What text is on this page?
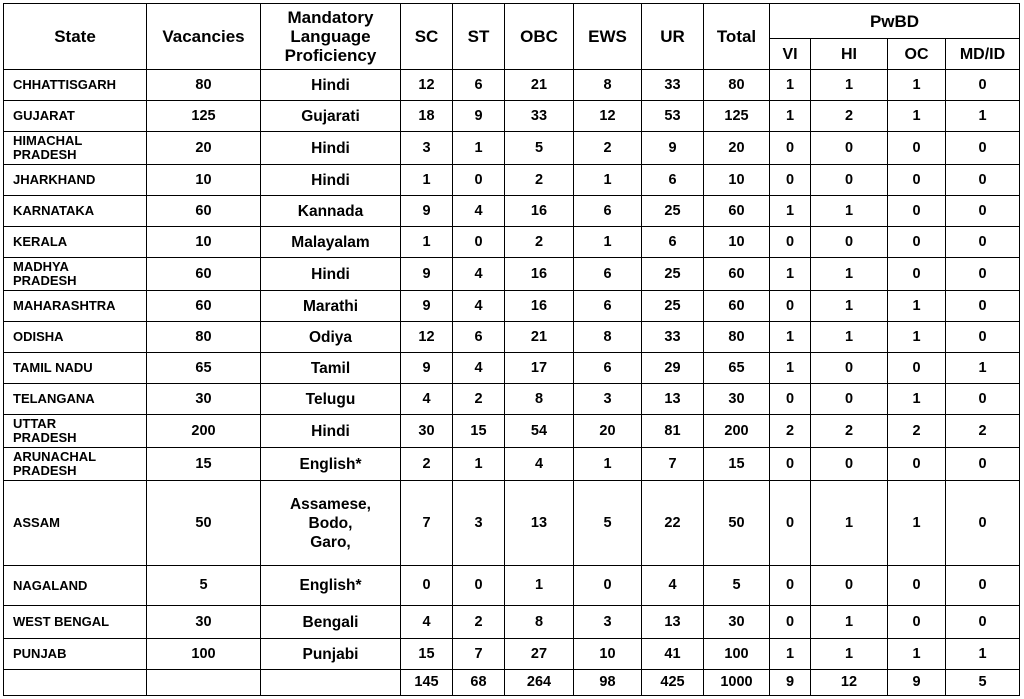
State	Vacancies	Mandatory
Language
Proficiency	SC	ST	OBC	EWS	UR	Total	PwBD			
									VI	HI	OC	MD/ID

CHHATTISGARH	80	Hindi	12	6	21	8	33	80	1	1	1	0

GUJARAT	125	Gujarati	18	9	33	12	53	125	1	2	1	1

HIMACHAL
PRADESH	20	Hindi	3	1	5	2	9	20	0	0	0	0

JHARKHAND	10	Hindi	1	0	2	1	6	10	0	0	0	0

KARNATAKA	60	Kannada	9	4	16	6	25	60	1	1	0	0

KERALA	10	Malayalam	1	0	2	1	6	10	0	0	0	0

MADHYA
PRADESH	60	Hindi	9	4	16	6	25	60	1	1	0	0

MAHARASHTRA	60	Marathi	9	4	16	6	25	60	0	1	1	0

ODISHA	80	Odiya	12	6	21	8	33	80	1	1	1	0

TAMIL NADU	65	Tamil	9	4	17	6	29	65	1	0	0	1

TELANGANA	30	Telugu	4	2	8	3	13	30	0	0	1	0

UTTAR
PRADESH	200	Hindi	30	15	54	20	81	200	2	2	2	2

ARUNACHAL
PRADESH	15	English*	2	1	4	1	7	15	0	0	0	0

ASSAM	50	Assamese,
Bodo,
Garo,	7	3	13	5	22	50	0	1	1	0

NAGALAND	5	English*	0	0	1	0	4	5	0	0	0	0

WEST BENGAL	30	Bengali	4	2	8	3	13	30	0	1	0	0

PUNJAB	100	Punjabi	15	7	27	10	41	100	1	1	1	1
			145	68	264	98	425	1000	9	12	9	5
